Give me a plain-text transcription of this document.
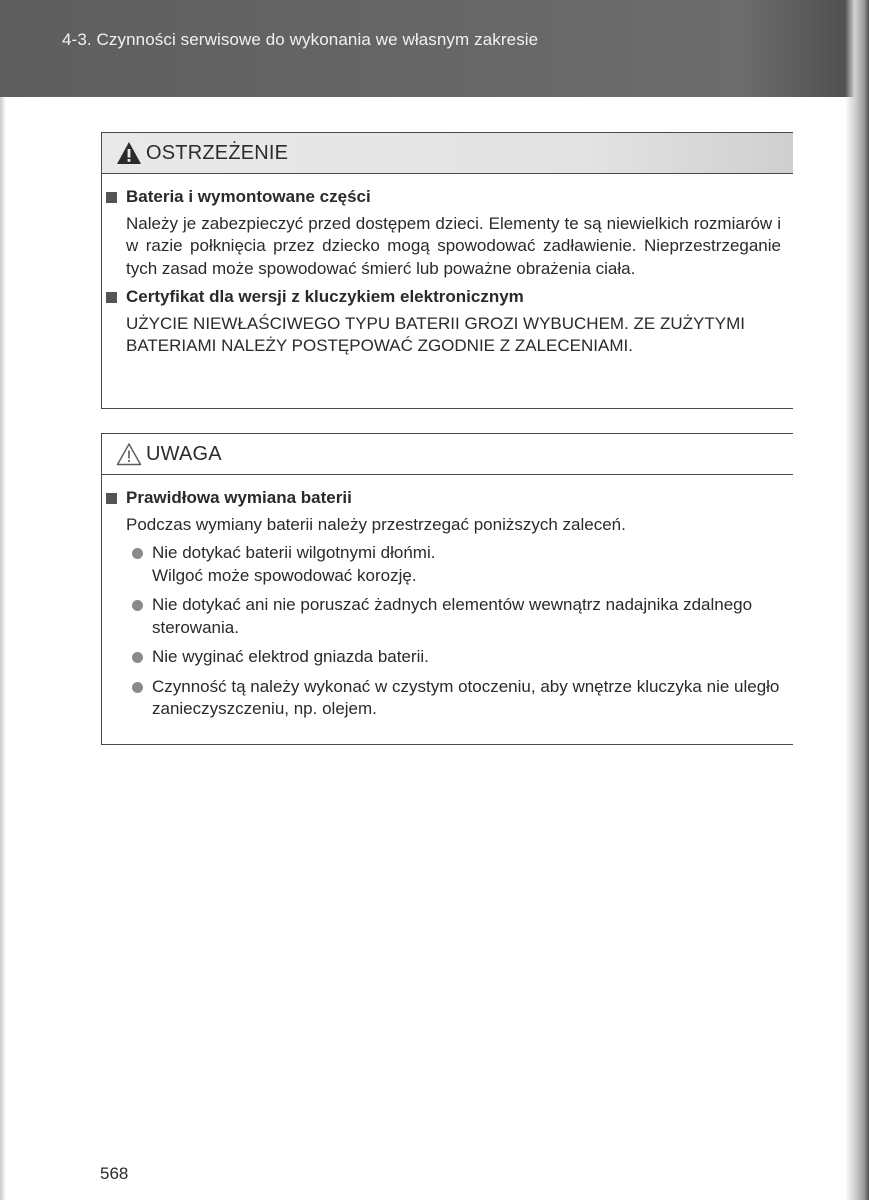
4-3. Czynności serwisowe do wykonania we własnym zakresie
OSTRZEŻENIE
Bateria i wymontowane części
Należy je zabezpieczyć przed dostępem dzieci. Elementy te są niewielkich rozmiarów i w razie połknięcia przez dziecko mogą spowodować zadławienie. Nieprzestrzeganie tych zasad może spowodować śmierć lub poważne obrażenia ciała.
Certyfikat dla wersji z kluczykiem elektronicznym
UŻYCIE NIEWŁAŚCIWEGO TYPU BATERII GROZI WYBUCHEM. ZE ZUŻYTYMI BATERIAMI NALEŻY POSTĘPOWAĆ ZGODNIE Z ZALECENIAMI.
UWAGA
Prawidłowa wymiana baterii
Podczas wymiany baterii należy przestrzegać poniższych zaleceń.
Nie dotykać baterii wilgotnymi dłońmi.
Wilgoć może spowodować korozję.
Nie dotykać ani nie poruszać żadnych elementów wewnątrz nadajnika zdalnego sterowania.
Nie wyginać elektrod gniazda baterii.
Czynność tą należy wykonać w czystym otoczeniu, aby wnętrze kluczyka nie uległo zanieczyszczeniu, np. olejem.
568
